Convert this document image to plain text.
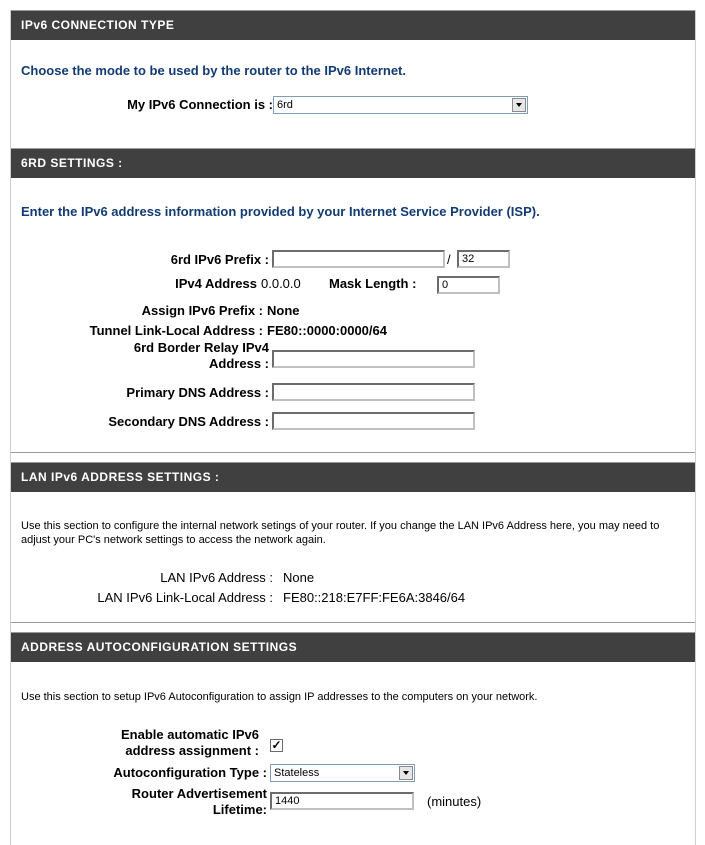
IPv6 CONNECTION TYPE
Choose the mode to be used by the router to the IPv6 Internet.
My IPv6 Connection is : 6rd
6RD SETTINGS :
Enter the IPv6 address information provided by your Internet Service Provider (ISP).
6rd IPv6 Prefix :	/
32
IPv4 Address 0.0.0.0 Mask Length :
0
Assign IPv6 Prefix : None
Tunnel Link-Local Address : FE80::0000:0000/64
6rd Border Relay IPv4
Address :
Primary DNS Address :
Secondary DNS Address :
LAN IPv6 ADDRESS SETTINGS :
Use this section to configure the internal network setings of your router. If you change the LAN IPv6 Address here, you may need to adjust your PC's network settings to access the network again.
LAN IPv6 Address : None
LAN IPv6 Link-Local Address : FE80::218:E7FF:FE6A:3846/64
ADDRESS AUTOCONFIGURATION SETTINGS
Use this section to setup IPv6 Autoconfiguration to assign IP addresses to the computers on your network.
Enable automatic IPv6
address assignment : ✓
Autoconfiguration Type : Stateless
Router Advertisement
Lifetime:
1440
(minutes)
